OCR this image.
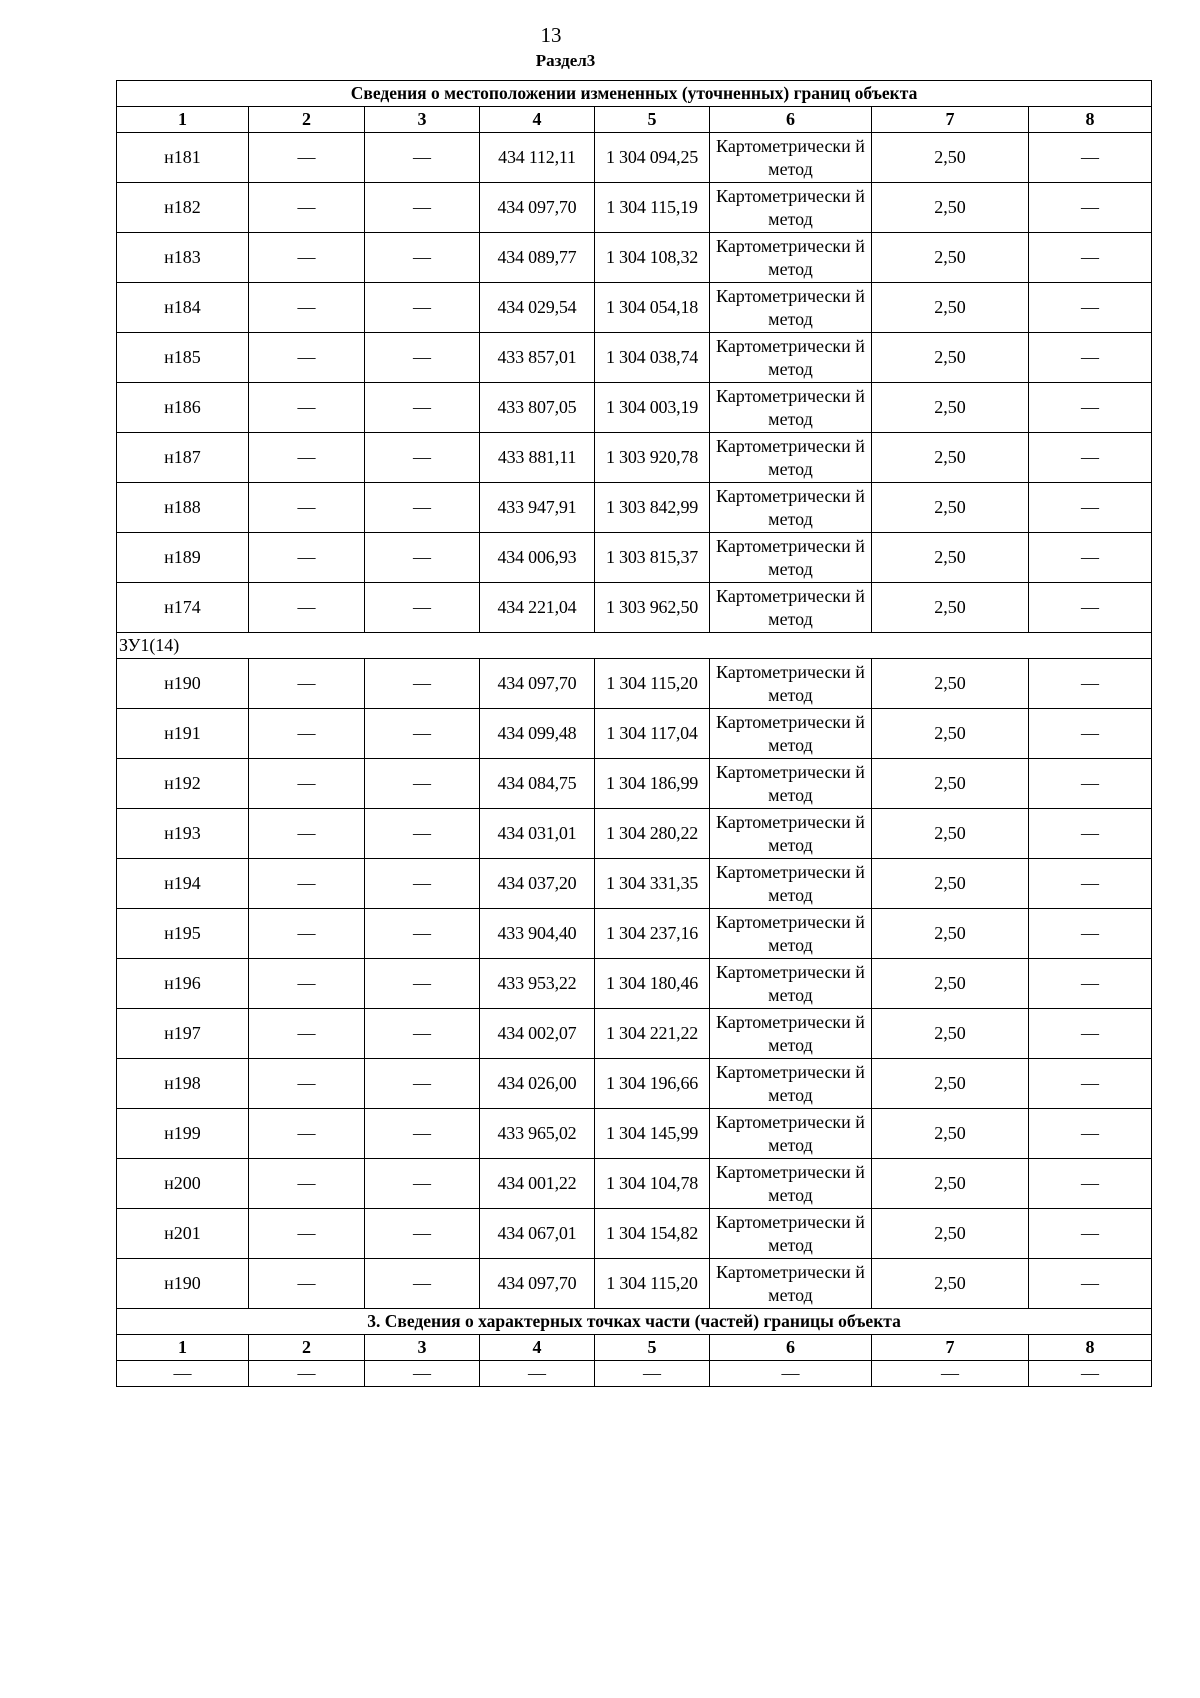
13
Раздел3
Сведения о местоположении измененных (уточненных) границ объекта							
1	2	3	4	5	6	7	8
н181	—	—	434 112,11	1 304 094,25	Картометрически й метод	2,50	—
н182	—	—	434 097,70	1 304 115,19	Картометрически й метод	2,50	—
н183	—	—	434 089,77	1 304 108,32	Картометрически й метод	2,50	—
н184	—	—	434 029,54	1 304 054,18	Картометрически й метод	2,50	—
н185	—	—	433 857,01	1 304 038,74	Картометрически й метод	2,50	—
н186	—	—	433 807,05	1 304 003,19	Картометрически й метод	2,50	—
н187	—	—	433 881,11	1 303 920,78	Картометрически й метод	2,50	—
н188	—	—	433 947,91	1 303 842,99	Картометрически й метод	2,50	—
н189	—	—	434 006,93	1 303 815,37	Картометрически й метод	2,50	—
н174	—	—	434 221,04	1 303 962,50	Картометрически й метод	2,50	—
ЗУ1(14)							
н190	—	—	434 097,70	1 304 115,20	Картометрически й метод	2,50	—
н191	—	—	434 099,48	1 304 117,04	Картометрически й метод	2,50	—
н192	—	—	434 084,75	1 304 186,99	Картометрически й метод	2,50	—
н193	—	—	434 031,01	1 304 280,22	Картометрически й метод	2,50	—
н194	—	—	434 037,20	1 304 331,35	Картометрически й метод	2,50	—
н195	—	—	433 904,40	1 304 237,16	Картометрически й метод	2,50	—
н196	—	—	433 953,22	1 304 180,46	Картометрически й метод	2,50	—
н197	—	—	434 002,07	1 304 221,22	Картометрически й метод	2,50	—
н198	—	—	434 026,00	1 304 196,66	Картометрически й метод	2,50	—
н199	—	—	433 965,02	1 304 145,99	Картометрически й метод	2,50	—
н200	—	—	434 001,22	1 304 104,78	Картометрически й метод	2,50	—
н201	—	—	434 067,01	1 304 154,82	Картометрически й метод	2,50	—
н190	—	—	434 097,70	1 304 115,20	Картометрически й метод	2,50	—
3. Сведения о характерных точках части (частей) границы объекта							
1	2	3	4	5	6	7	8
—	—	—	—	—	—	—	—
